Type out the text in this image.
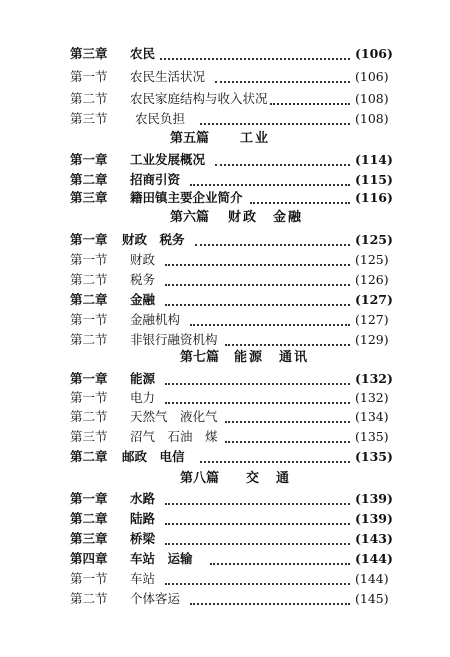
第三章 农民	(106)
第一节 农民生活状况	(106)
第二节 农民家庭结构与收入状况	(108)
第三节 农民负担	(108)
第五篇 工业
第一章 工业发展概况	(114)
第二章 招商引资	(115)
第三章 籍田镇主要企业简介	(116)
第六篇 财政　金融
第一章 财政　税务	(125)
第一节 财政	(125)
第二节 税务	(126)
第二章 金融	(127)
第一节 金融机构	(127)
第二节 非银行融资机构	(129)
第七篇 能源　通讯
第一章 能源	(132)
第一节 电力	(132)
第二节 天然气　液化气	(134)
第三节 沼气　石油　煤	(135)
第二章 邮政　电信	(135)
第八篇 交　通
第一章 水路	(139)
第二章 陆路	(139)
第三章 桥梁	(143)
第四章 车站　运输	(144)
第一节 车站	(144)
第二节 个体客运	(145)
